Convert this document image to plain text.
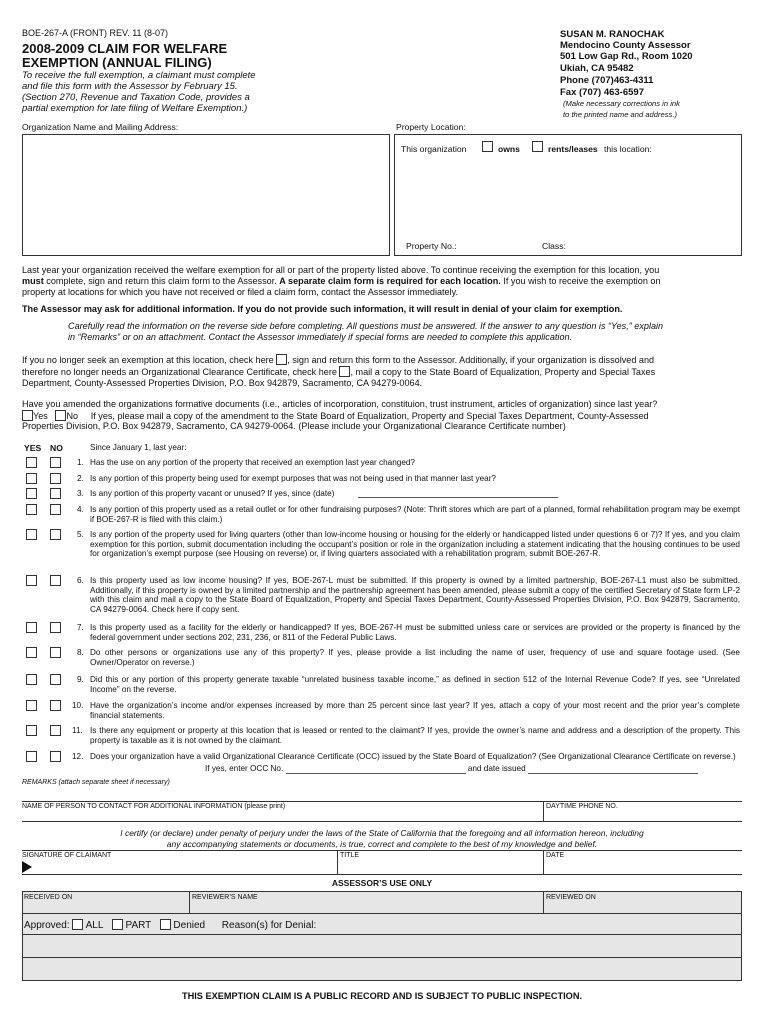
BOE-267-A (FRONT) REV. 11 (8-07)
2008-2009 CLAIM FOR WELFARE
EXEMPTION (ANNUAL FILING)
To receive the full exemption, a claimant must complete
and file this form with the Assessor by February 15.
(Section 270, Revenue and Taxation Code, provides a
partial exemption for late filing of Welfare Exemption.)
SUSAN M. RANOCHAK
Mendocino County Assessor
501 Low Gap Rd., Room 1020
Ukiah, CA 95482
Phone (707)463-4311
Fax (707) 463-6597
(Make necessary corrections in ink
to the printed name and address.)
Organization Name and Mailing Address:	Property Location:
This organization	owns	rents/leases this location:
Property No.:	Class:

Last year your organization received the welfare exemption for all or part of the property listed above. To continue receiving the exemption for this location, you

must complete, sign and return this claim form to the Assessor. A separate claim form is required for each location. If you wish to receive the exemption on

property at locations for which you have not received or filed a claim form, contact the Assessor immediately.

The Assessor may ask for additional information. If you do not provide such information, it will result in denial of your claim for exemption.

Carefully read the information on the reverse side before completing. All questions must be answered. If the answer to any question is “Yes,” explain

in “Remarks” or on an attachment. Contact the Assessor immediately if special forms are needed to complete this application.

If you no longer seek an exemption at this location, check here , sign and return this form to the Assessor. Additionally, if your organization is dissolved and

therefore no longer needs an Organizational Clearance Certificate, check here , mail a copy to the State Board of Equalization, Property and Special Taxes

Department, County-Assessed Properties Division, P.O. Box 942879, Sacramento, CA 94279-0064.

Have you amended the organizations formative documents (i.e., articles of incorporation, constituion, trust instrument, articles of organization) since last year?

Yes No If yes, please mail a copy of the amendment to the State Board of Equalization, Property and Special Taxes Department, County-Assessed

Properties Division, P.O. Box 942879, Sacramento, CA 94279-0064. (Please include your Organizational Clearance Certificate number)

YES NO	Since January 1, last year:
1. Has the use on any portion of the property that received an exemption last year changed?
2. Is any portion of this property being used for exempt purposes that was not being used in that manner last year?
3. Is any portion of this property vacant or unused? If yes, since (date)
4. Is any portion of this property used as a retail outlet or for other fundraising purposes? (Note: Thrift stores which are part of a planned, formal rehabilitation program may be exempt if BOE-267-R is filed with this claim.)
5. Is any portion of the property used for living quarters (other than low-income housing or housing for the elderly or handicapped listed under questions 6 or 7)? If yes, and you claim exemption for this portion, submit documentation including the occupant’s position or role in the organization including a statement indicating that the housing continues to be used for organization’s exempt purpose (see Housing on reverse) or, if living quarters associated with a rehabilitation program, submit BOE-267-R.
6. Is this property used as low income housing? If yes, BOE-267-L must be submitted. If this property is owned by a limited partnership, BOE-267-L1 must also be submitted. Additionally, if this property is owned by a limited partnership and the partnership agreement has been amended, please submit a copy of the certified Secretary of State form LP-2 with this claim and mail a copy to the State Board of Equalization, Property and Special Taxes Department, County-Assessed Properties Division, P.O. Box 942879, Sacramento, CA 94279-0064. Check here if copy sent.
7. Is this property used as a facility for the elderly or handicapped? If yes, BOE-267-H must be submitted unless care or services are provided or the property is financed by the federal government under sections 202, 231, 236, or 811 of the Federal Public Laws.
8. Do other persons or organizations use any of this property? If yes, please provide a list including the name of user, frequency of use and square footage used. (See Owner/Operator on reverse.)
9. Did this or any portion of this property generate taxable “unrelated business taxable income,” as defined in section 512 of the Internal Revenue Code? If yes, see “Unrelated Income” on the reverse.
10. Have the organization’s income and/or expenses increased by more than 25 percent since last year? If yes, attach a copy of your most recent and the prior year’s complete financial statements.
11. Is there any equipment or property at this location that is leased or rented to the claimant? If yes, provide the owner’s name and address and a description of the property. This property is taxable as it is not owned by the claimant.
12. Does your organization have a valid Organizational Clearance Certificate (OCC) issued by the State Board of Equalization? (See Organizational Clearance Certificate on reverse.)
If yes, enter OCC No.	and date issued
REMARKS (attach separate sheet if necessary)
NAME OF PERSON TO CONTACT FOR ADDITIONAL INFORMATION (please print)	DAYTIME PHONE NO.
I certify (or declare) under penalty of perjury under the laws of the State of California that the foregoing and all information hereon, including
any accompanying statements or documents, is true, correct and complete to the best of my knowledge and belief.
SIGNATURE OF CLAIMANT	TITLE	DATE
ASSESSOR’S USE ONLY
RECEIVED ON	REVIEWER’S NAME	REVIEWED ON
Approved: ALL PART Denied Reason(s) for Denial:
THIS EXEMPTION CLAIM IS A PUBLIC RECORD AND IS SUBJECT TO PUBLIC INSPECTION.
